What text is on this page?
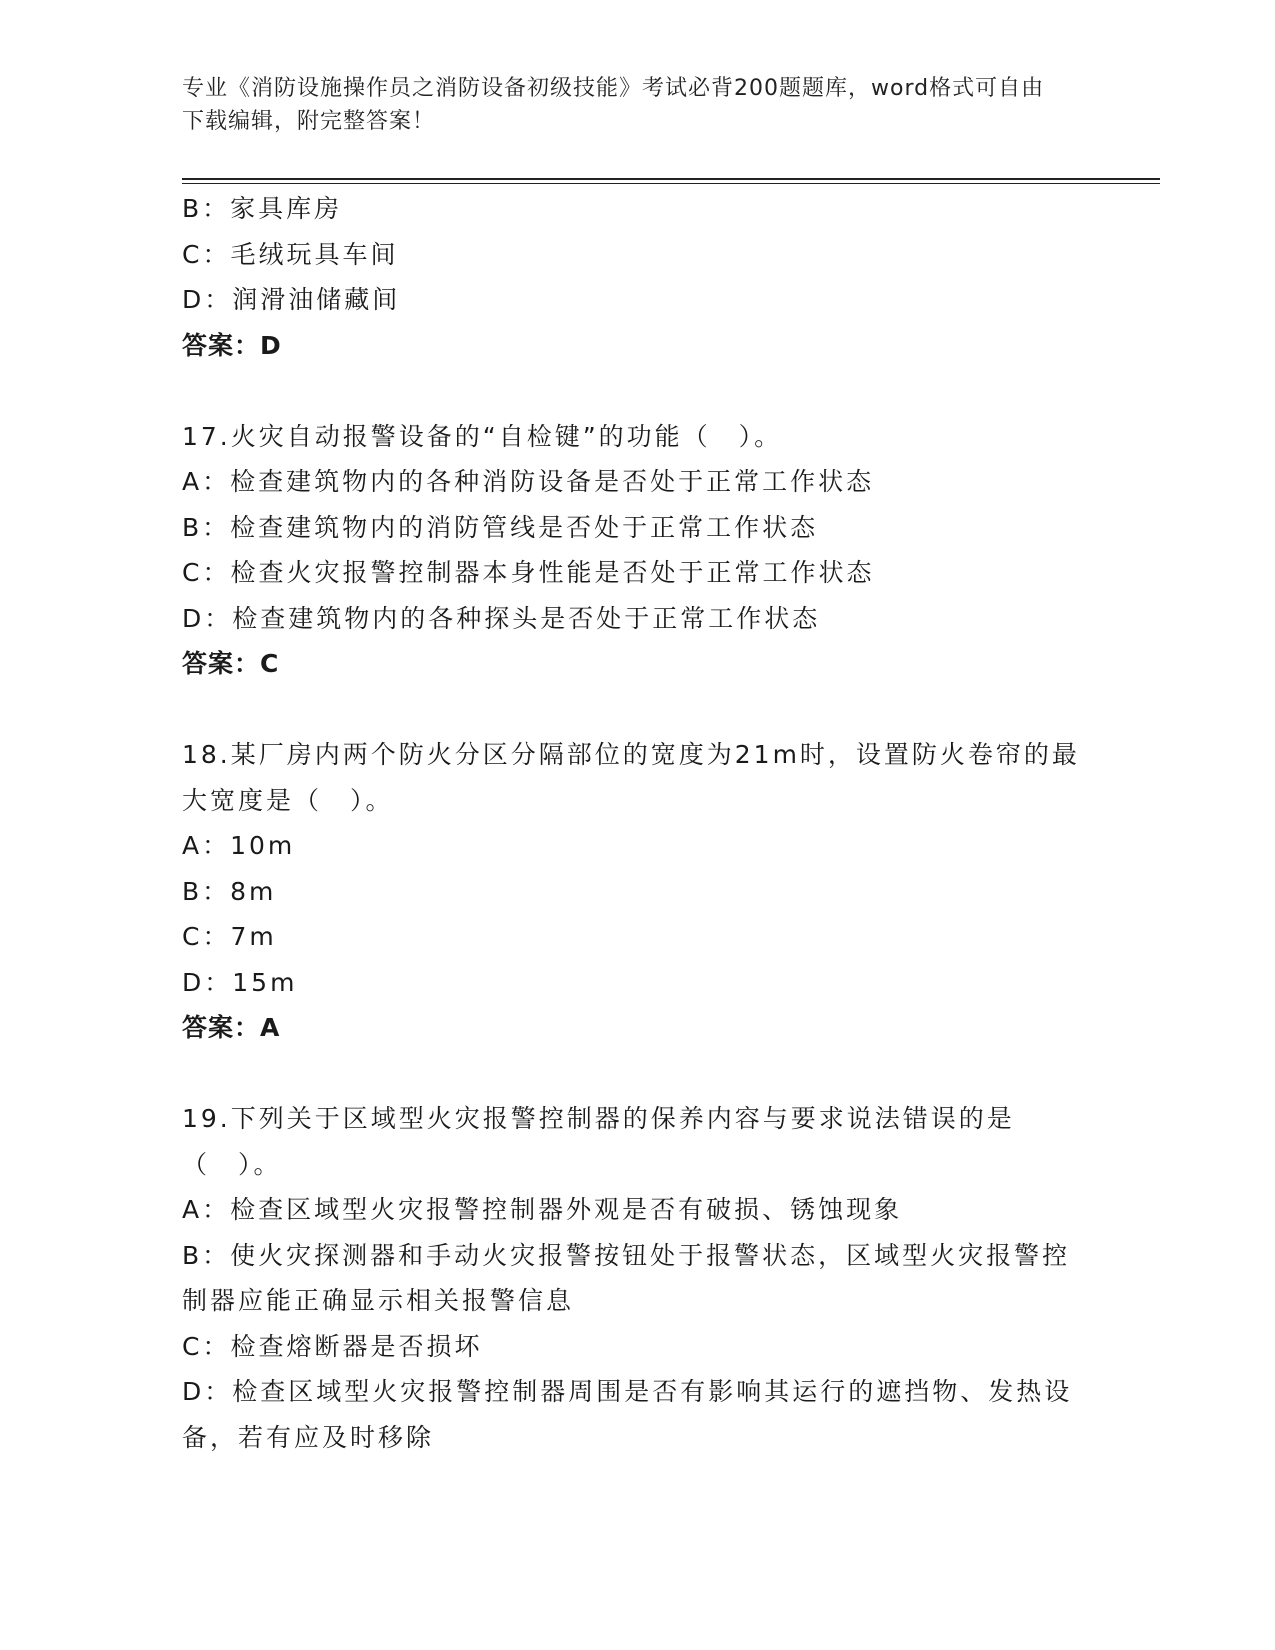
专业《消防设施操作员之消防设备初级技能》考试必背200题题库，word格式可自由下载编辑，附完整答案！
B：家具库房
C：毛绒玩具车间
D：润滑油储藏间
答案：D
17.火灾自动报警设备的“自检键”的功能（　）。
A：检查建筑物内的各种消防设备是否处于正常工作状态
B：检查建筑物内的消防管线是否处于正常工作状态
C：检查火灾报警控制器本身性能是否处于正常工作状态
D：检查建筑物内的各种探头是否处于正常工作状态
答案：C
18.某厂房内两个防火分区分隔部位的宽度为21m时，设置防火卷帘的最大宽度是（　）。
A：10m
B：8m
C：7m
D：15m
答案：A
19.下列关于区域型火灾报警控制器的保养内容与要求说法错误的是（　）。
A：检查区域型火灾报警控制器外观是否有破损、锈蚀现象
B：使火灾探测器和手动火灾报警按钮处于报警状态，区域型火灾报警控制器应能正确显示相关报警信息
C：检查熔断器是否损坏
D：检查区域型火灾报警控制器周围是否有影响其运行的遮挡物、发热设备，若有应及时移除
